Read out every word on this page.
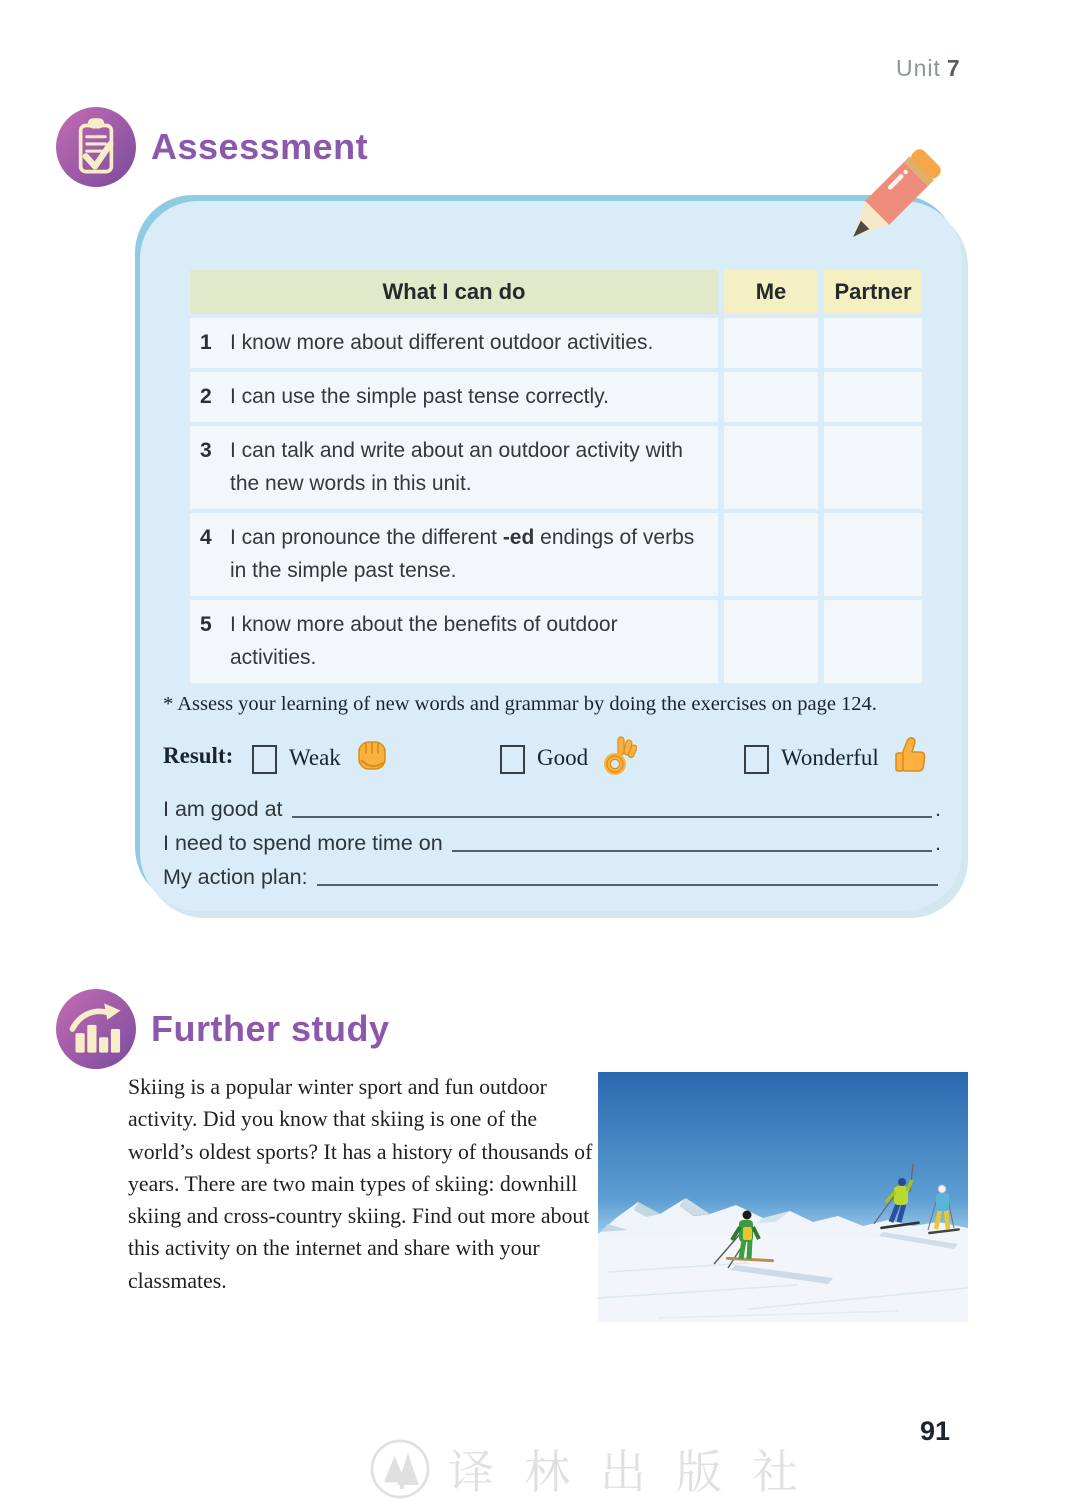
Unit 7
Assessment
What I can do	Me	Partner
1 I know more about different outdoor activities.
2 I can use the simple past tense correctly.
3 I can talk and write about an outdoor activity with the new words in this unit.
4 I can pronounce the different -ed endings of verbs in the simple past tense.
5 I know more about the benefits of outdoor activities.
* Assess your learning of new words and grammar by doing the exercises on page 124.
Result: Weak	Good	Wonderful
I am good at	.
I need to spend more time on	.
My action plan:
Further study
Skiing is a popular winter sport and fun outdoor activity. Did you know that skiing is one of the world’s oldest sports? It has a history of thousands of years. There are two main types of skiing: downhill skiing and cross-country skiing. Find out more about this activity on the internet and share with your classmates.
91
译林出版社
